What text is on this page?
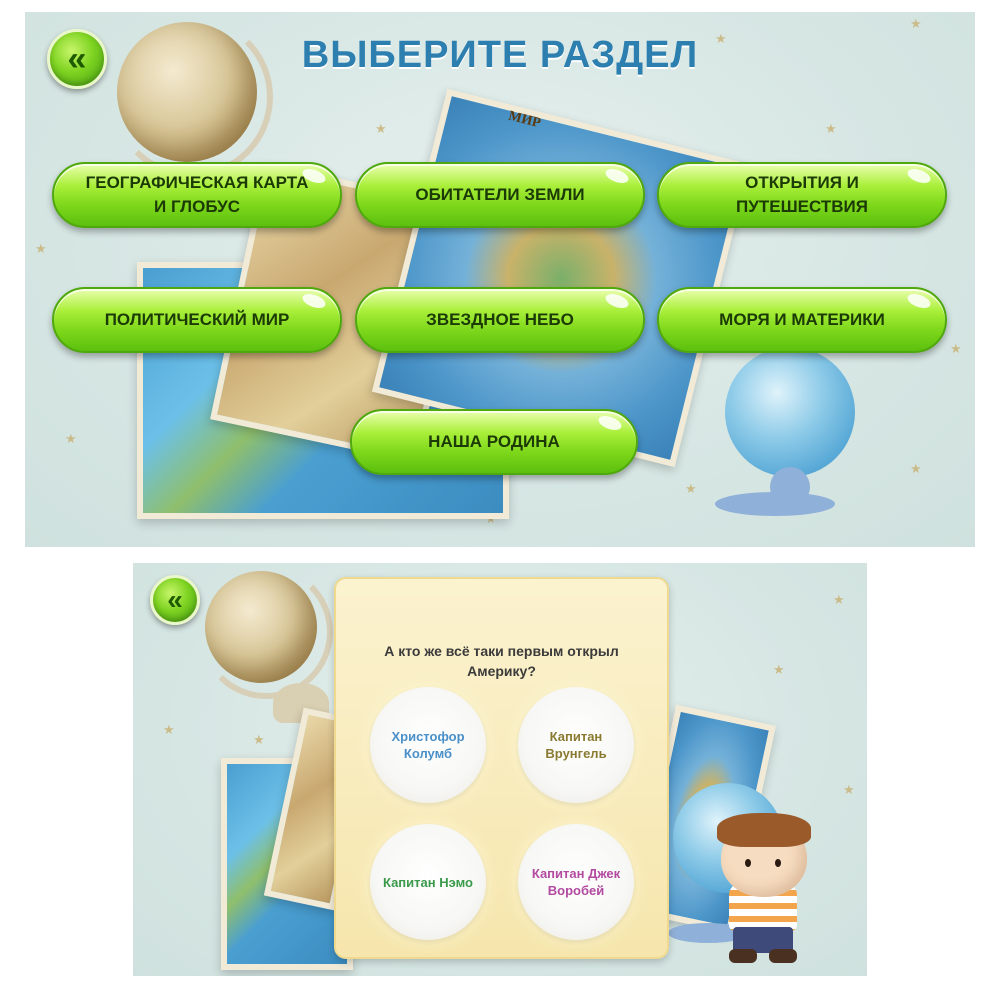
★
★
★
★
★
★
★
★
★
МИР
«	ВЫБЕРИТЕ РАЗДЕЛ
ГЕОГРАФИЧЕСКАЯ КАРТА
И ГЛОБУС
ОБИТАТЕЛИ ЗЕМЛИ
ОТКРЫТИЯ И
ПУТЕШЕСТВИЯ
ПОЛИТИЧЕСКИЙ МИР	ЗВЕЗДНОЕ НЕБО	МОРЯ И МАТЕРИКИ
НАША РОДИНА
★
★
★
★
★
«
А кто же всё таки первым открыл Америку?
Христофор
Колумб
Капитан
Врунгель
Капитан Нэмо
Капитан Джек
Воробей
